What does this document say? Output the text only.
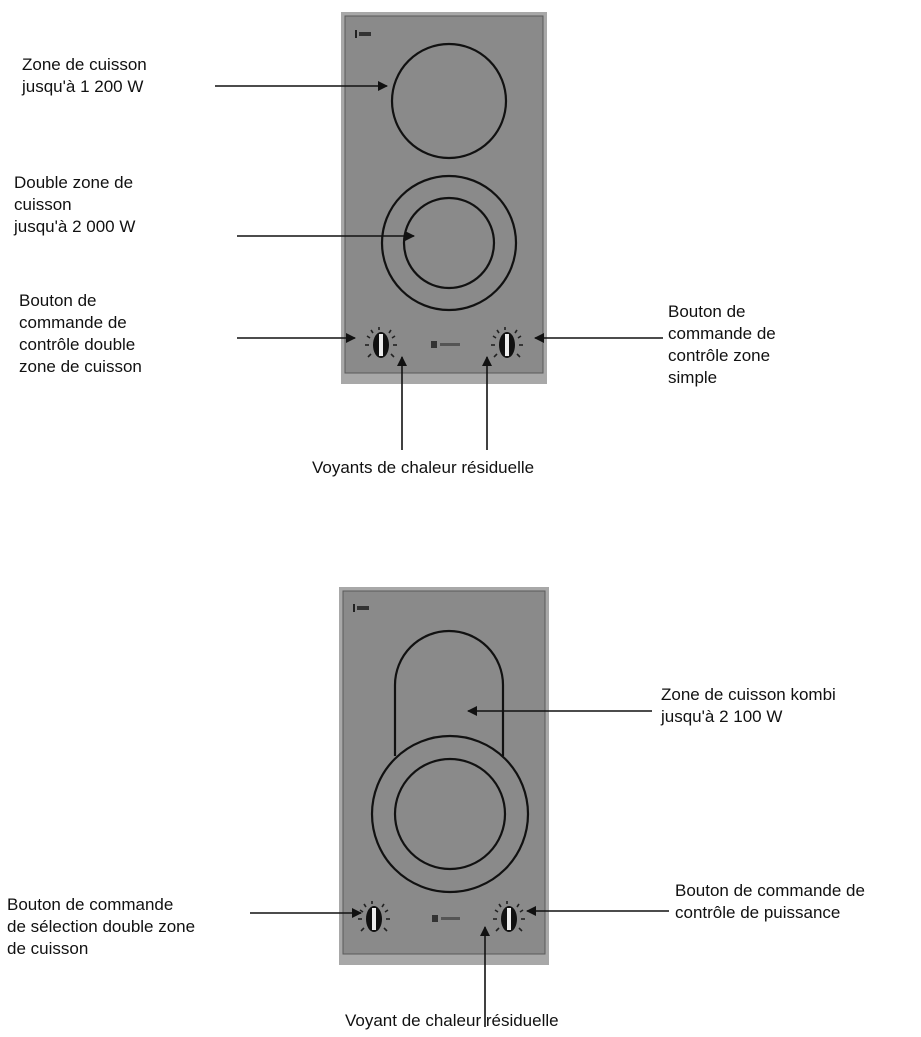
Zone de cuisson
jusqu'à 1 200 W
Double zone de
cuisson
jusqu'à 2 000 W
Bouton de
commande de
contrôle double
zone de cuisson
Bouton de
commande de
contrôle zone
simple
Voyants de chaleur résiduelle
Zone de cuisson kombi
jusqu'à 2 100 W
Bouton de commande
de sélection double zone
de cuisson
Bouton de commande de
contrôle de puissance
Voyant de chaleur résiduelle
